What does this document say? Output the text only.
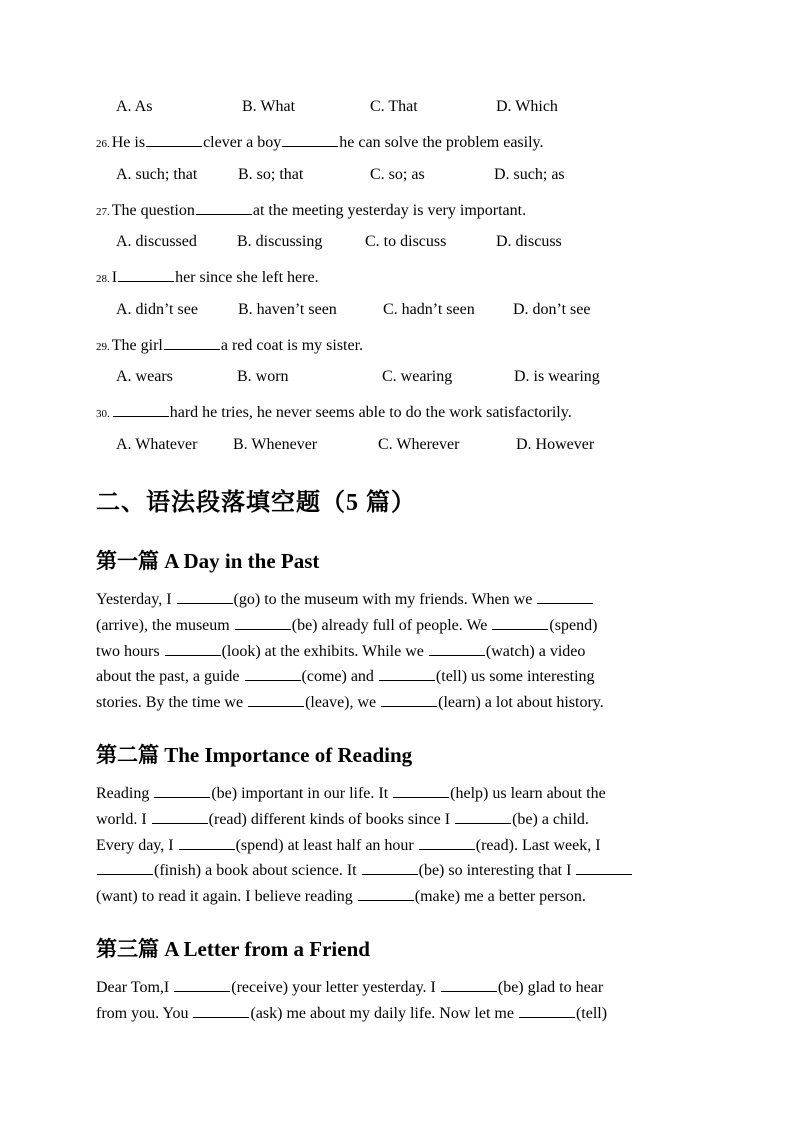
A. As	B. What	C. That	D. Which
26. He is	clever a boy	he can solve the problem easily.
A. such; that	B. so; that	C. so; as	D. such; as
27. The question	at the meeting yesterday is very important.
A. discussed	B. discussing	C. to discuss	D. discuss
28. I	her since she left here.
A. didn’t see	B. haven’t seen	C. hadn’t seen D. don’t see
29. The girl	a red coat is my sister.
A. wears	B. worn	C. wearing	D. is wearing
30.	hard he tries, he never seems able to do the work satisfactorily.
A. Whatever B. Whenever	C. Wherever	D. However
二、语法段落填空题（5 篇）
第一篇 A Day in the Past
Yesterday, I	(go) to the museum with my friends. When we
(arrive), the museum	(be) already full of people. We	(spend)
two hours	(look) at the exhibits. While we	(watch) a video
about the past, a guide	(come) and	(tell) us some interesting
stories. By the time we	(leave), we	(learn) a lot about history.
第二篇 The Importance of Reading
Reading	(be) important in our life. It	(help) us learn about the
world. I	(read) different kinds of books since I	(be) a child.
Every day, I	(spend) at least half an hour	(read). Last week, I
(finish) a book about science. It	(be) so interesting that I
(want) to read it again. I believe reading	(make) me a better person.
第三篇 A Letter from a Friend
Dear Tom,I	(receive) your letter yesterday. I	(be) glad to hear
from you. You	(ask) me about my daily life. Now let me	(tell)
